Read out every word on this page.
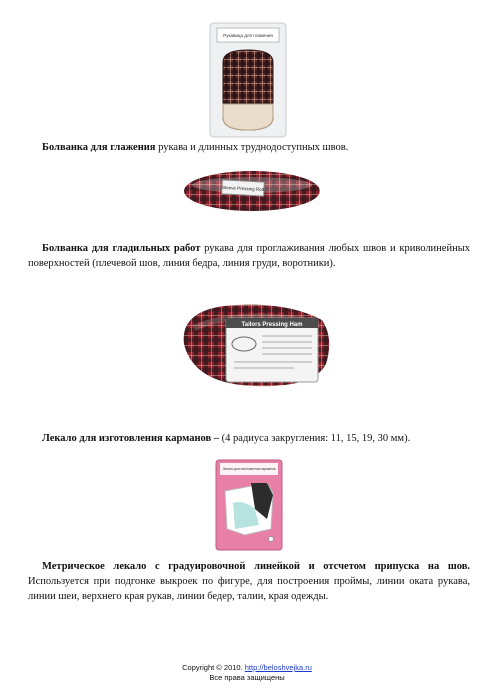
Рукавица для глажения

Болванка для глажения рукава и длинных труднодоступных швов.

Sleeve Pressing Roll

Болванка для гладильных работ рукава для проглаживания любых швов и криволинейных поверхностей (плечевой шов, линия бедра, линия груди, воротники).

Tailors Pressing Ham

Лекало для изготовления карманов – (4 радиуса закругления: 11, 15, 19, 30 мм).

Лекало для изготовления карманов

Метрическое лекало с градуировочной линейкой и отсчетом припуска на шов. Используется при подгонке выкроек по фигуре, для построения проймы, линии оката рукава, линии шеи, верхнего края рукав, линии бедер, талии, края одежды.

Copyright © 2010. http://beloshvejka.ru
Все права защищены
